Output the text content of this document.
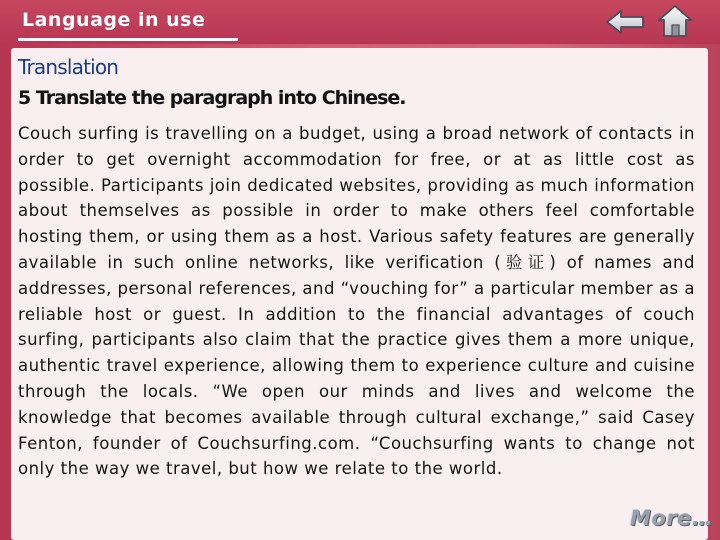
Language in use
Translation
5 Translate the paragraph into Chinese.

Couch surfing is travelling on a budget, using a broad network of contacts in order to get overnight accommodation for free, or at as little cost as possible. Participants join dedicated websites, providing as much information about themselves as possible in order to make others feel comfortable hosting them, or using them as a host. Various safety features are generally available in such online networks, like verification (验证) of names and addresses, personal references, and “vouching for” a particular member as a reliable host or guest. In addition to the financial advantages of couch surfing, participants also claim that the practice gives them a more unique, authentic travel experience, allowing them to experience culture and cuisine through the locals. “We open our minds and lives and welcome the knowledge that becomes available through cultural exchange,” said Casey Fenton, founder of Couchsurfing.com. “Couchsurfing wants to change not only the way we travel, but how we relate to the world.

More…
